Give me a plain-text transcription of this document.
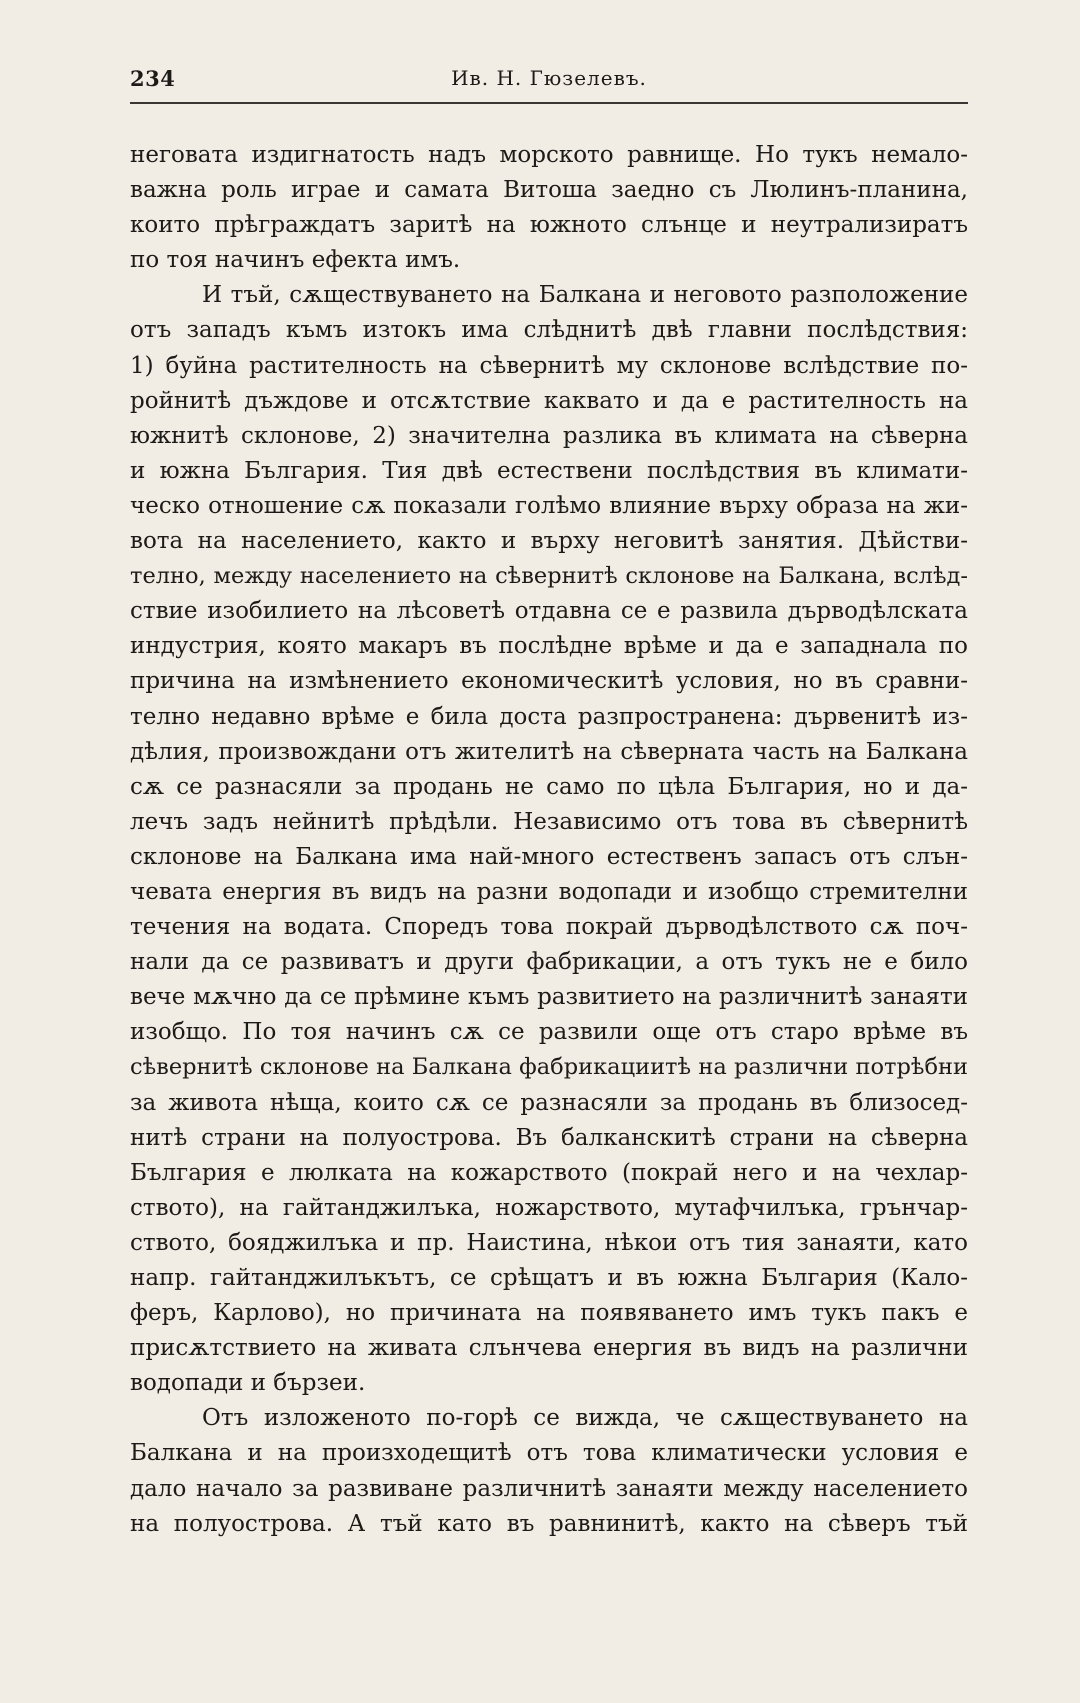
234	Ив. Н. Гюзелевъ.
неговата издигнатость надъ морското равнище. Но тукъ немало-
важна роль играе и самата Витоша заедно съ Люлинъ-планина,
които прѣграждатъ заритѣ на южното слънце и неутрализиратъ
по тоя начинъ ефекта имъ.
И тъй, сѫществуването на Балкана и неговото разположение
отъ западъ къмъ изтокъ има слѣднитѣ двѣ главни послѣдствия:
1) буйна растителность на сѣвернитѣ му склонове вслѣдствие по-
ройнитѣ дъждове и отсѫтствие каквато и да е растителность на
южнитѣ склонове, 2) значителна разлика въ климата на сѣверна
и южна България. Тия двѣ естествени послѣдствия въ климати-
ческо отношение сѫ показали голѣмо влияние върху образа на жи-
вота на населението, както и върху неговитѣ занятия. Дѣйстви-
телно, между населението на сѣвернитѣ склонове на Балкана, вслѣд-
ствие изобилието на лѣсоветѣ отдавна се е развила дърводѣлската
индустрия, която макаръ въ послѣдне врѣме и да е западнала по
причина на измѣнението економическитѣ условия, но въ сравни-
телно недавно врѣме е била доста разпространена: дървенитѣ из-
дѣлия, произвождани отъ жителитѣ на сѣверната часть на Балкана
сѫ се разнасяли за продань не само по цѣла България, но и да-
лечъ задъ нейнитѣ прѣдѣли. Независимо отъ това въ сѣвернитѣ
склонове на Балкана има най-много естественъ запасъ отъ слън-
чевата енергия въ видъ на разни водопади и изобщо стремителни
течения на водата. Споредъ това покрай дърводѣлството сѫ поч-
нали да се развиватъ и други фабрикации, а отъ тукъ не е било
вече мѫчно да се прѣмине къмъ развитието на различнитѣ занаяти
изобщо. По тоя начинъ сѫ се развили още отъ старо врѣме въ
сѣвернитѣ склонове на Балкана фабрикациитѣ на различни потрѣбни
за живота нѣща, които сѫ се разнасяли за продань въ близосед-
нитѣ страни на полуострова. Въ балканскитѣ страни на сѣверна
България е люлката на кожарството (покрай него и на чехлар-
ството), на гайтанджилъка, ножарството, мутафчилъка, грънчар-
ството, бояджилъка и пр. Наистина, нѣкои отъ тия занаяти, като
напр. гайтанджилъкътъ, се срѣщатъ и въ южна България (Кало-
феръ, Карлово), но причината на появяването имъ тукъ пакъ е
присѫтствието на живата слънчева енергия въ видъ на различни
водопади и бързеи.
Отъ изложеното по-горѣ се вижда, че сѫществуването на
Балкана и на произходещитѣ отъ това климатически условия е
дало начало за развиване различнитѣ занаяти между населението
на полуострова. А тъй като въ равнинитѣ, както на сѣверъ тъй
